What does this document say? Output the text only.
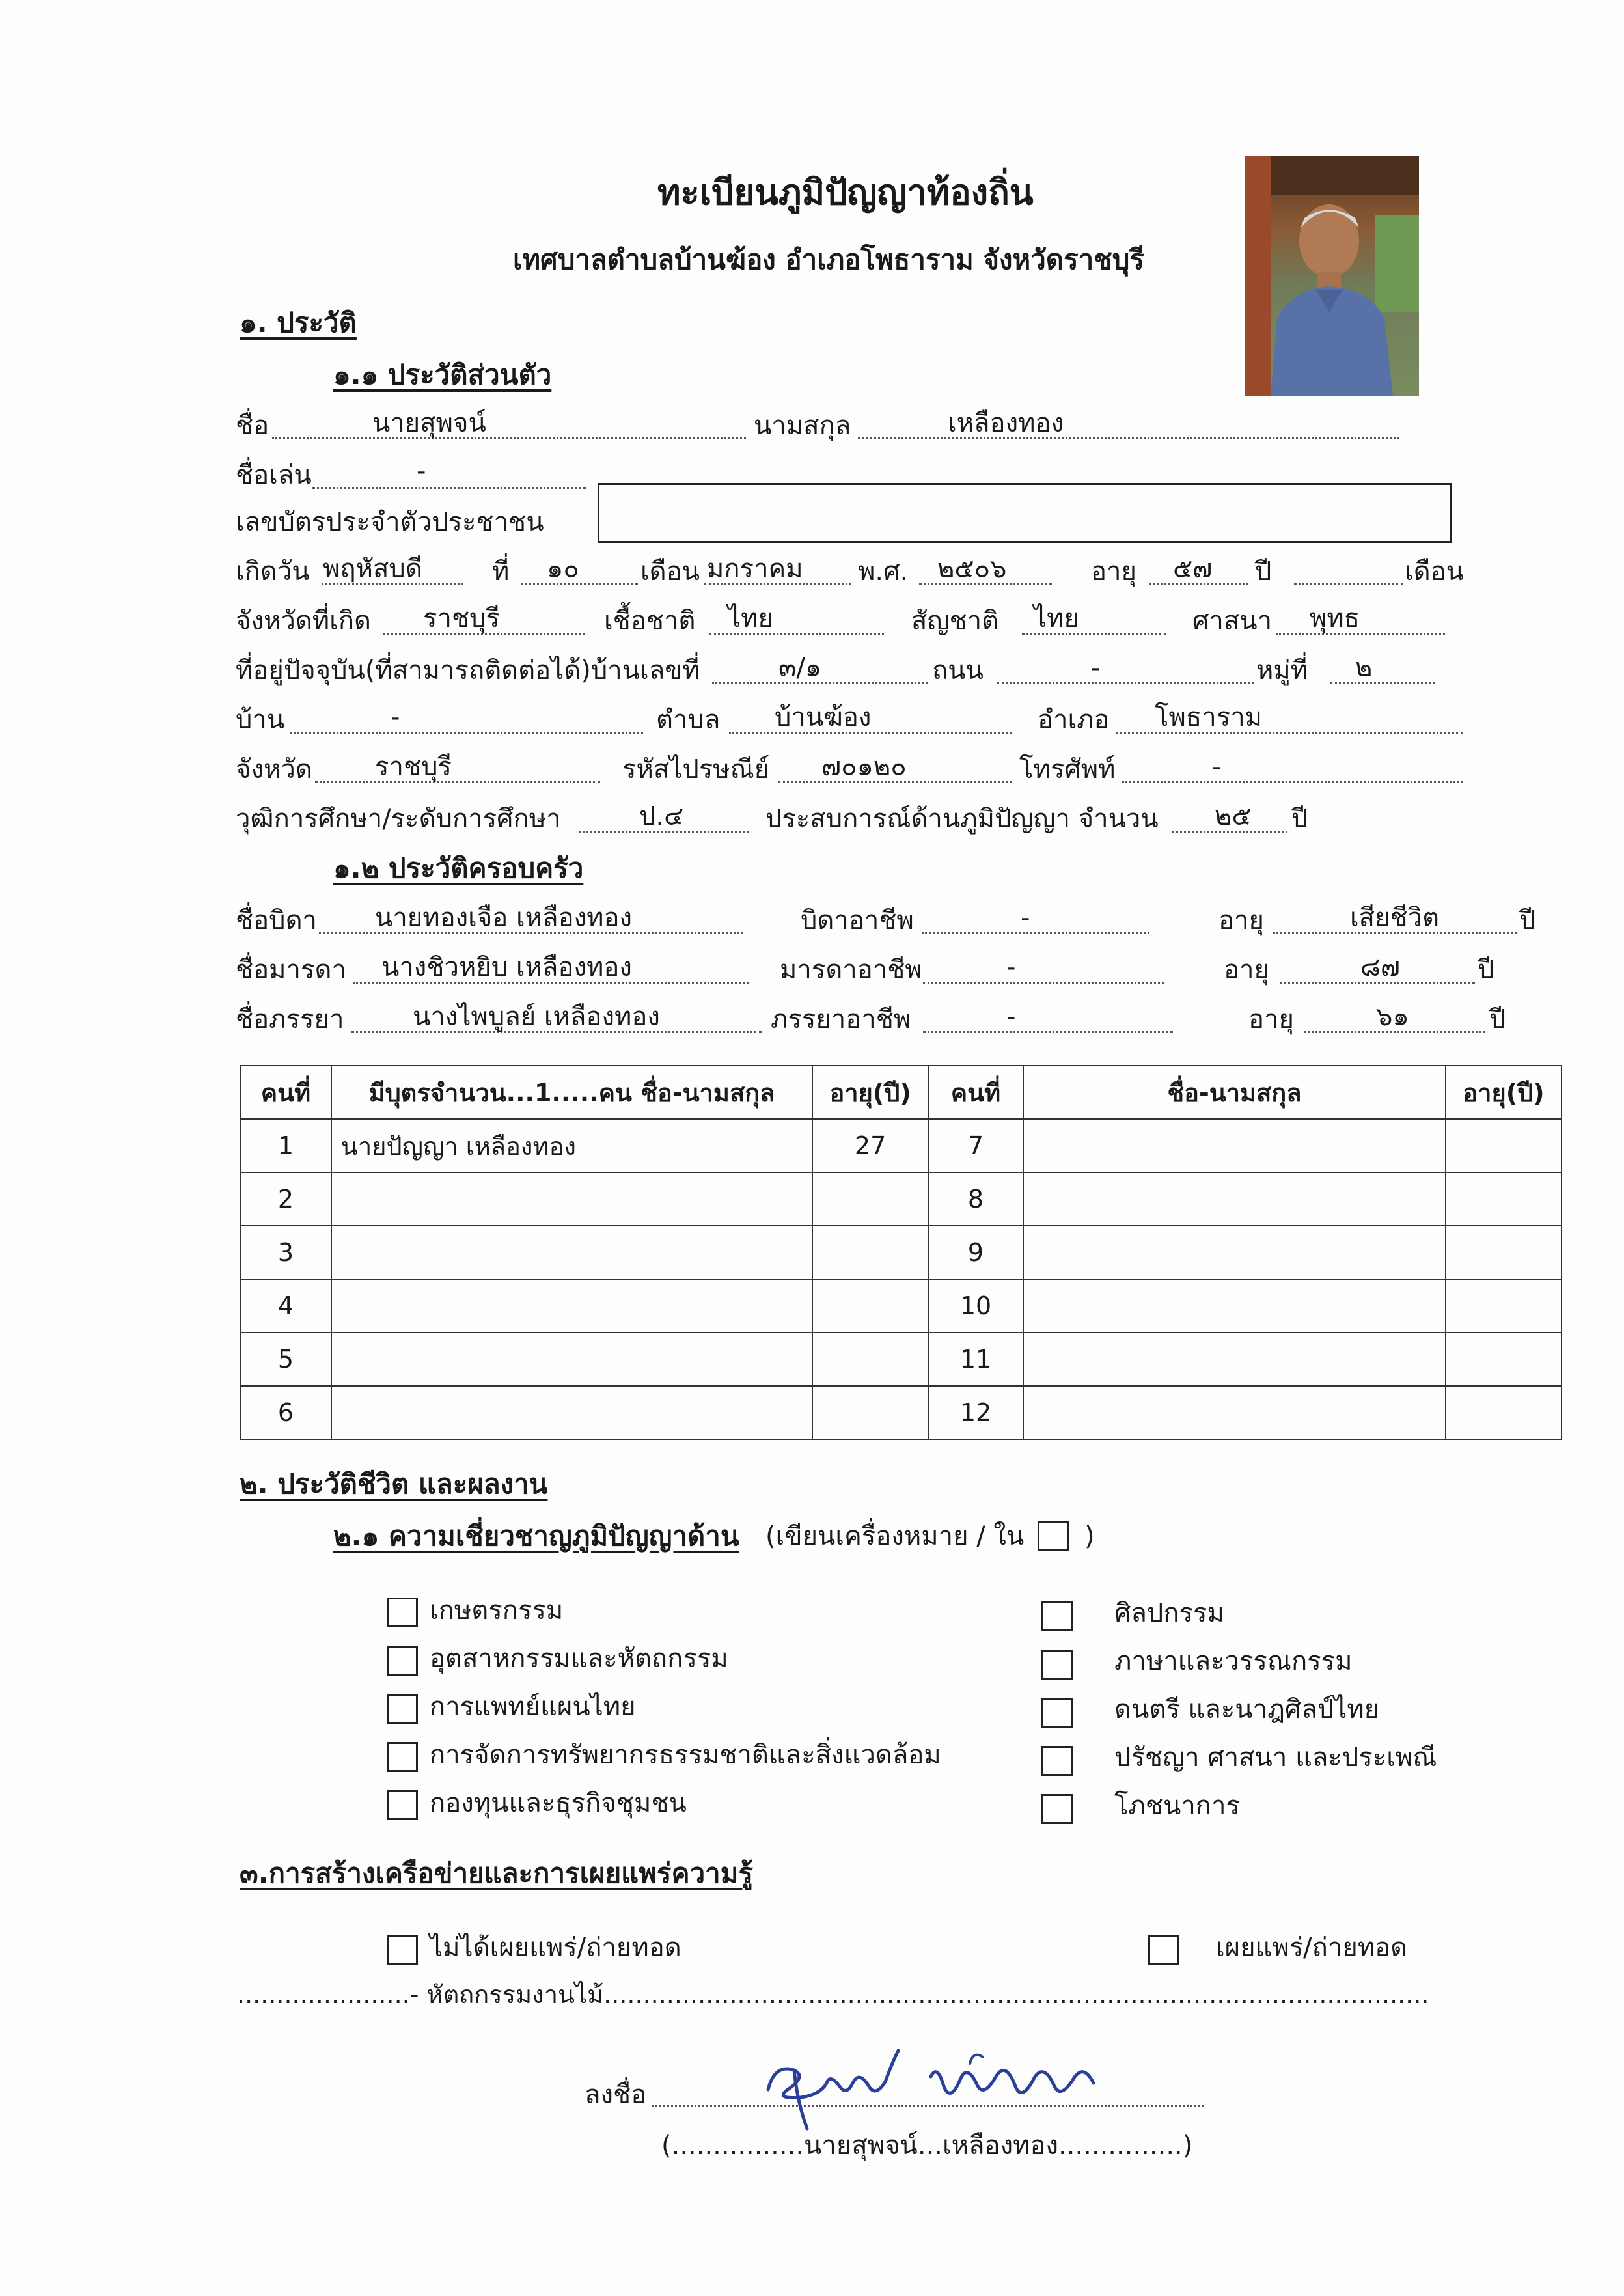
ทะเบียนภูมิปัญญาท้องถิ่น
เทศบาลตำบลบ้านฆ้อง อำเภอโพธาราม จังหวัดราชบุรี
๑. ประวัติ
๑.๑ ประวัติส่วนตัว
ชื่อ	นายสุพจน์	นามสกุล	เหลืองทอง
ชื่อเล่น	-
เลขบัตรประจำตัวประชาชน
เกิดวัน พฤหัสบดี	ที่ ๑๐ เดือน มกราคม พ.ศ. ๒๕๐๖	อายุ ๕๗ ปี	เดือน
จังหวัดที่เกิด ราชบุรี	เชื้อชาติ ไทย	สัญชาติ ไทย	ศาสนา พุทธ
ที่อยู่ปัจจุบัน(ที่สามารถติดต่อได้)บ้านเลขที่	๓/๑	ถนน	-	หมู่ที่ ๒
บ้าน	-	ตำบล บ้านฆ้อง	อำเภอ โพธาราม
จังหวัด ราชบุรี	รหัสไปรษณีย์ ๗๐๑๒๐	โทรศัพท์	-
วุฒิการศึกษา/ระดับการศึกษา	ป.๔	ประสบการณ์ด้านภูมิปัญญา จำนวน ๒๕ ปี
๑.๒ ประวัติครอบครัว
ชื่อบิดา นายทองเจือ เหลืองทอง	บิดาอาชีพ	-	อายุ	เสียชีวิต	ปี
ชื่อมารดา นางชิวหยิบ เหลืองทอง	มารดาอาชีพ	-	อายุ	๘๗	ปี
ชื่อภรรยา	นางไพบูลย์ เหลืองทอง	ภรรยาอาชีพ	-	อายุ	๖๑	ปี
คนที่	มีบุตรจำนวน...1.....คน ชื่อ-นามสกุล	อายุ(ปี)	คนที่	ชื่อ-นามสกุล	อายุ(ปี)
1	นายปัญญา เหลืองทอง	27	7		
2			8		
3			9		
4			10		
5			11		
6			12		
๒. ประวัติชีวิต และผลงาน
๒.๑ ความเชี่ยวชาญภูมิปัญญาด้าน (เขียนเครื่องหมาย / ใน )
เกษตรกรรม
อุตสาหกรรมและหัตถกรรม
การแพทย์แผนไทย
การจัดการทรัพยากรธรรมชาติและสิ่งแวดล้อม
กองทุนและธุรกิจชุมชน
ศิลปกรรม
ภาษาและวรรณกรรม
ดนตรี และนาฎศิลป์ไทย
ปรัชญา ศาสนา และประเพณี
โภชนาการ
๓.การสร้างเครือข่ายและการเผยแพร่ความรู้
ไม่ได้เผยแพร่/ถ่ายทอด	เผยแพร่/ถ่ายทอด
......................- หัตถกรรมงานไม้.........................................................................................................
ลงชื่อ
(................นายสุพจน์...เหลืองทอง...............)
